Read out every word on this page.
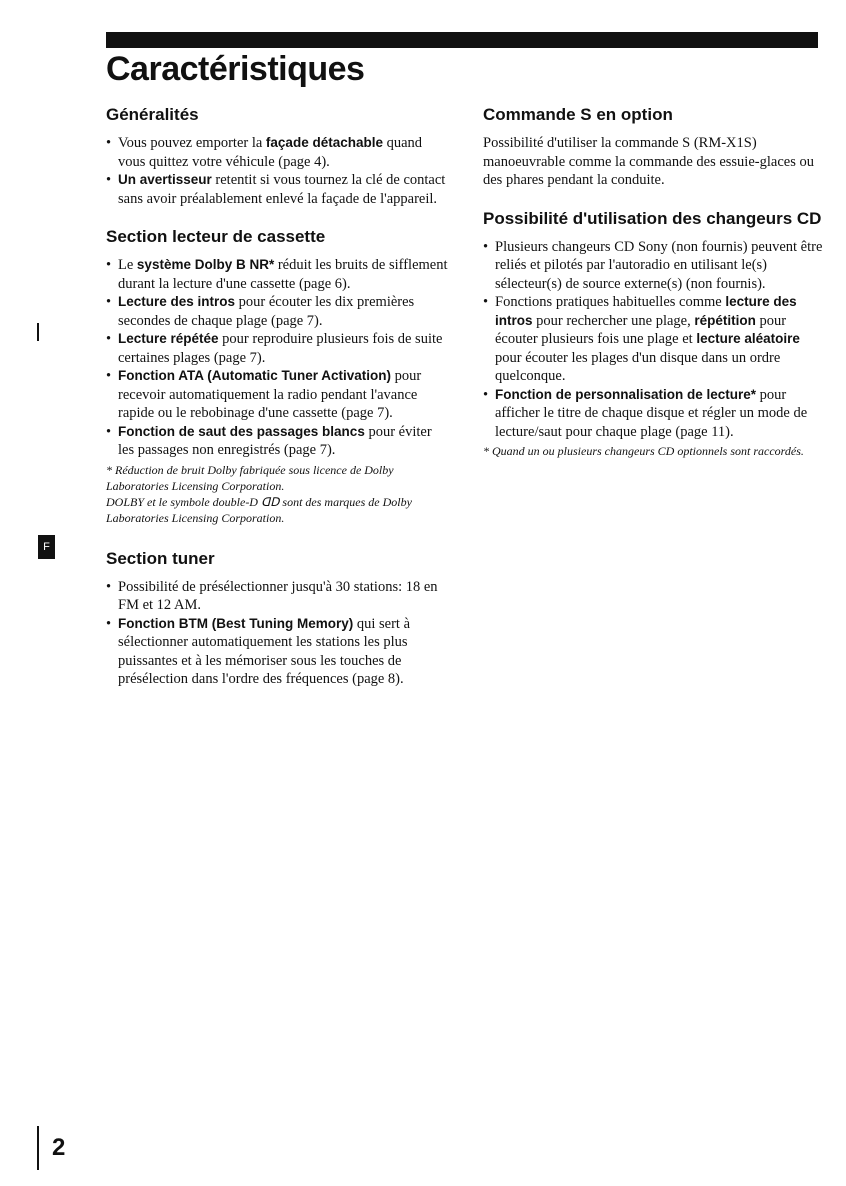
Caractéristiques
F
2
Généralités
• Vous pouvez emporter la façade détachable quand vous quittez votre véhicule (page 4).
• Un avertisseur retentit si vous tournez la clé de contact sans avoir préalablement enlevé la façade de l'appareil.
Section lecteur de cassette
• Le système Dolby B NR* réduit les bruits de sifflement durant la lecture d'une cassette (page 6).
• Lecture des intros pour écouter les dix premières secondes de chaque plage (page 7).
• Lecture répétée pour reproduire plusieurs fois de suite certaines plages (page 7).
• Fonction ATA (Automatic Tuner Activation) pour recevoir automatiquement la radio pendant l'avance rapide ou le rebobinage d'une cassette (page 7).
• Fonction de saut des passages blancs pour éviter les passages non enregistrés (page 7).

* Réduction de bruit Dolby fabriquée sous licence de Dolby Laboratories Licensing Corporation.

DOLBY et le symbole double-D ᗡᗞ sont des marques de Dolby Laboratories Licensing Corporation.

Section tuner
• Possibilité de présélectionner jusqu'à 30 stations: 18 en FM et 12 AM.
• Fonction BTM (Best Tuning Memory) qui sert à sélectionner automatiquement les stations les plus puissantes et à les mémoriser sous les touches de présélection dans l'ordre des fréquences (page 8).
Commande S en option

Possibilité d'utiliser la commande S (RM-X1S) manoeuvrable comme la commande des essuie-glaces ou des phares pendant la conduite.

Possibilité d'utilisation des changeurs CD
• Plusieurs changeurs CD Sony (non fournis) peuvent être reliés et pilotés par l'autoradio en utilisant le(s) sélecteur(s) de source externe(s) (non fournis).
• Fonctions pratiques habituelles comme lecture des intros pour rechercher une plage, répétition pour écouter plusieurs fois une plage et lecture aléatoire pour écouter les plages d'un disque dans un ordre quelconque.
• Fonction de personnalisation de lecture* pour afficher le titre de chaque disque et régler un mode de lecture/saut pour chaque plage (page 11).

* Quand un ou plusieurs changeurs CD optionnels sont raccordés.
